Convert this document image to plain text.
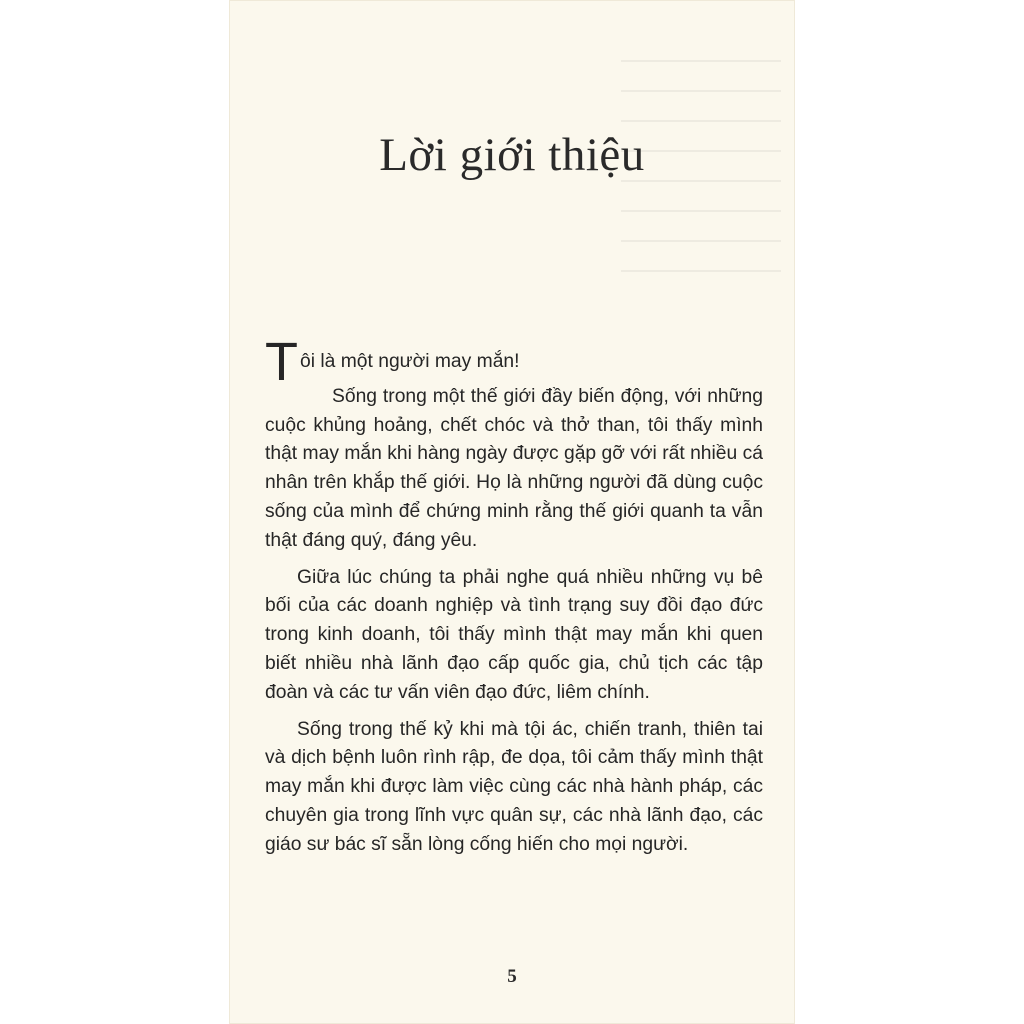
Lời giới thiệu

T ôi là một người may mắn!

Sống trong một thế giới đầy biến động, với những cuộc khủng hoảng, chết chóc và thở than, tôi thấy mình thật may mắn khi hàng ngày được gặp gỡ với rất nhiều cá nhân trên khắp thế giới. Họ là những người đã dùng cuộc sống của mình để chứng minh rằng thế giới quanh ta vẫn thật đáng quý, đáng yêu.

Giữa lúc chúng ta phải nghe quá nhiều những vụ bê bối của các doanh nghiệp và tình trạng suy đồi đạo đức trong kinh doanh, tôi thấy mình thật may mắn khi quen biết nhiều nhà lãnh đạo cấp quốc gia, chủ tịch các tập đoàn và các tư vấn viên đạo đức, liêm chính.

Sống trong thế kỷ khi mà tội ác, chiến tranh, thiên tai và dịch bệnh luôn rình rập, đe dọa, tôi cảm thấy mình thật may mắn khi được làm việc cùng các nhà hành pháp, các chuyên gia trong lĩnh vực quân sự, các nhà lãnh đạo, các giáo sư bác sĩ sẵn lòng cống hiến cho mọi người.

5
